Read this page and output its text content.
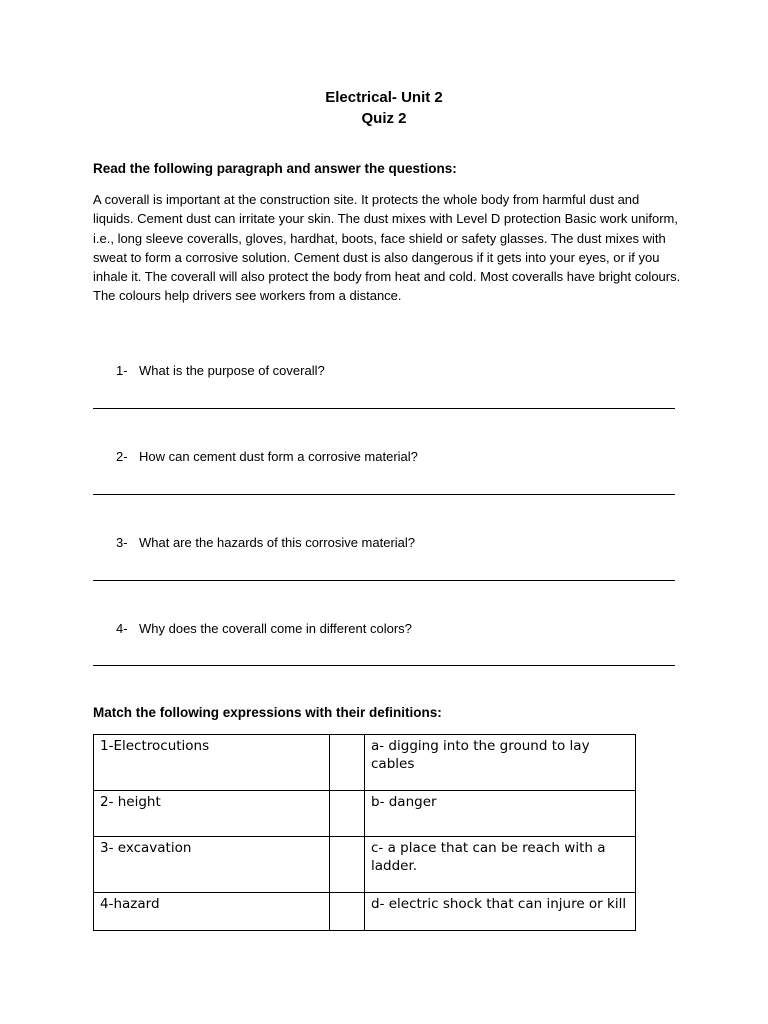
Electrical- Unit 2
Quiz 2
Read the following paragraph and answer the questions:
A coverall is important at the construction site. It protects the whole body from harmful dust and liquids. Cement dust can irritate your skin. The dust mixes with Level D protection Basic work uniform, i.e., long sleeve coveralls, gloves, hardhat, boots, face shield or safety glasses. The dust mixes with sweat to form a corrosive solution. Cement dust is also dangerous if it gets into your eyes, or if you inhale it. The coverall will also protect the body from heat and cold. Most coveralls have bright colours. The colours help drivers see workers from a distance.
1- What is the purpose of coverall?
2- How can cement dust form a corrosive material?
3- What are the hazards of this corrosive material?
4- Why does the coverall come in different colors?
Match the following expressions with their definitions:
1-Electrocutions		a- digging into the ground to lay cables
2- height		b- danger
3- excavation		c- a place that can be reach with a ladder.
4-hazard		d- electric shock that can injure or kill
